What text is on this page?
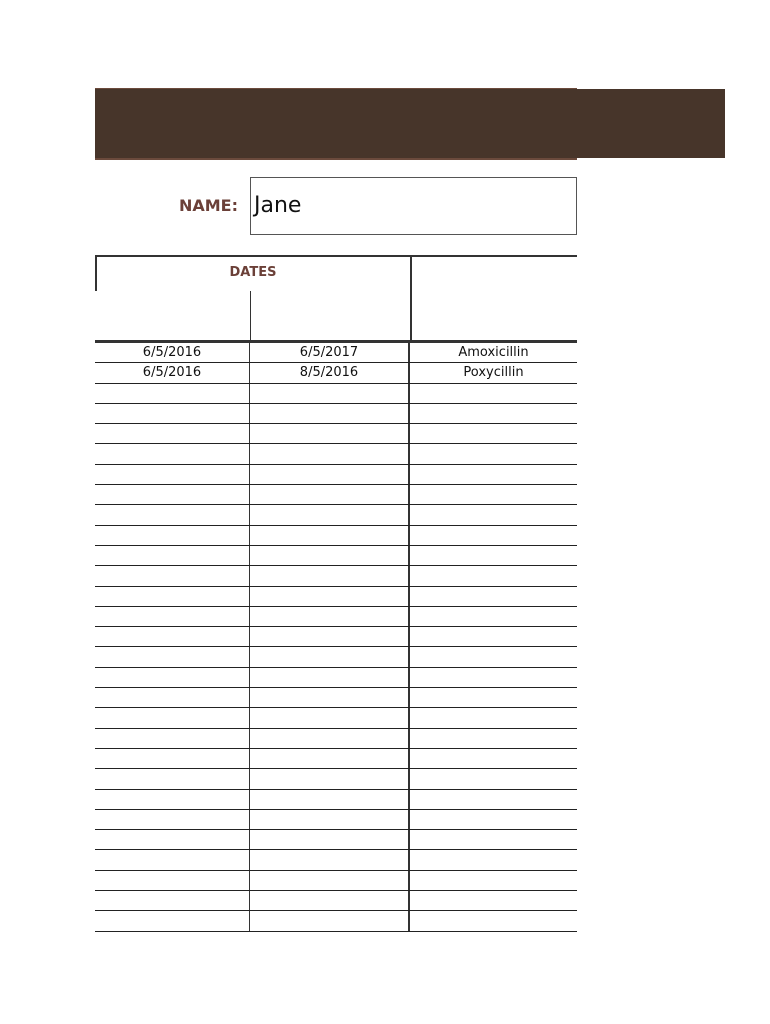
NAME: Jane
DATES
6/5/2016	6/5/2017	Amoxicillin
6/5/2016	8/5/2016	Poxycillin
